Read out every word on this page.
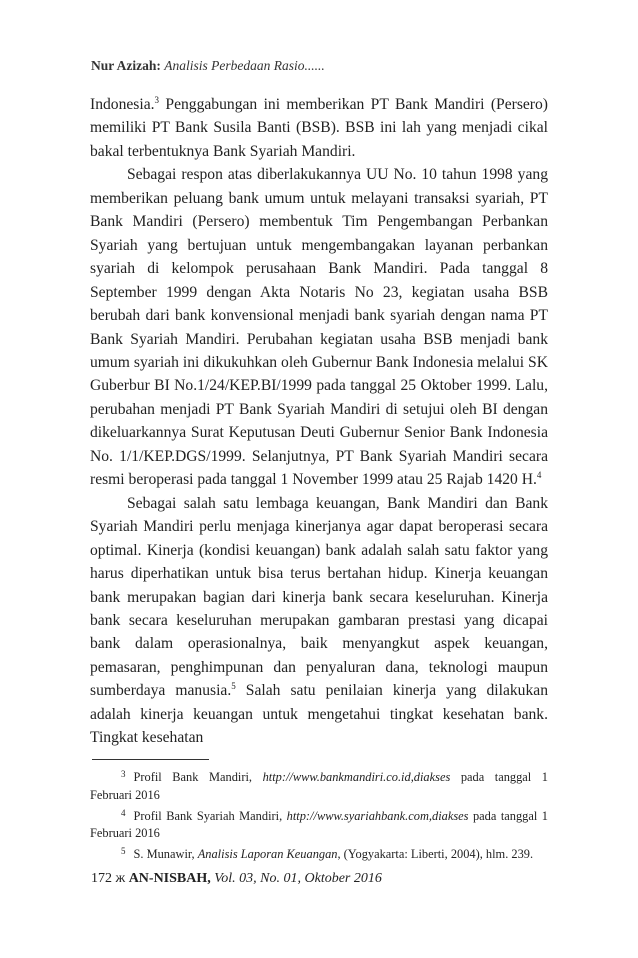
Nur Azizah: Analisis Perbedaan Rasio......

Indonesia.$^3$ Penggabungan ini memberikan PT Bank Mandiri (Persero) memiliki PT Bank Susila Banti (BSB). BSB ini lah yang menjadi cikal bakal terbentuknya Bank Syariah Mandiri.

Sebagai respon atas diberlakukannya UU No. 10 tahun 1998 yang memberikan peluang bank umum untuk melayani transaksi syariah, PT Bank Mandiri (Persero) membentuk Tim Pengembangan Perbankan Syariah yang bertujuan untuk mengembangakan layanan perbankan syariah di kelompok perusahaan Bank Mandiri. Pada tanggal 8 September 1999 dengan Akta Notaris No 23, kegiatan usaha BSB berubah dari bank konvensional menjadi bank syariah dengan nama PT Bank Syariah Mandiri. Perubahan kegiatan usaha BSB menjadi bank umum syariah ini dikukuhkan oleh Gubernur Bank Indonesia melalui SK Guberbur BI No.1/24/KEP.BI/1999 pada tanggal 25 Oktober 1999. Lalu, perubahan menjadi PT Bank Syariah Mandiri di setujui oleh BI dengan dikeluarkannya Surat Keputusan Deuti Gubernur Senior Bank Indonesia No. 1/1/KEP.DGS/1999. Selanjutnya, PT Bank Syariah Mandiri secara resmi beroperasi pada tanggal 1 November 1999 atau 25 Rajab 1420 H.$^4$

Sebagai salah satu lembaga keuangan, Bank Mandiri dan Bank Syariah Mandiri perlu menjaga kinerjanya agar dapat beroperasi secara optimal. Kinerja (kondisi keuangan) bank adalah salah satu faktor yang harus diperhatikan untuk bisa terus bertahan hidup. Kinerja keuangan bank merupakan bagian dari kinerja bank secara keseluruhan. Kinerja bank secara keseluruhan merupakan gambaran prestasi yang dicapai bank dalam operasionalnya, baik menyangkut aspek keuangan, pemasaran, penghimpunan dan penyaluran dana, teknologi maupun sumberdaya manusia.$^5$ Salah satu penilaian kinerja yang dilakukan adalah kinerja keuangan untuk mengetahui tingkat kesehatan bank. Tingkat kesehatan

$^3$ Profil Bank Mandiri, http://www.bankmandiri.co.id,diakses pada tanggal 1 Februari 2016

$^4$ Profil Bank Syariah Mandiri, http://www.syariahbank.com,diakses pada tanggal 1 Februari 2016

$^5$ S. Munawir, Analisis Laporan Keuangan, (Yogyakarta: Liberti, 2004), hlm. 239.

172 ж AN-NISBAH, Vol. 03, No. 01, Oktober 2016
